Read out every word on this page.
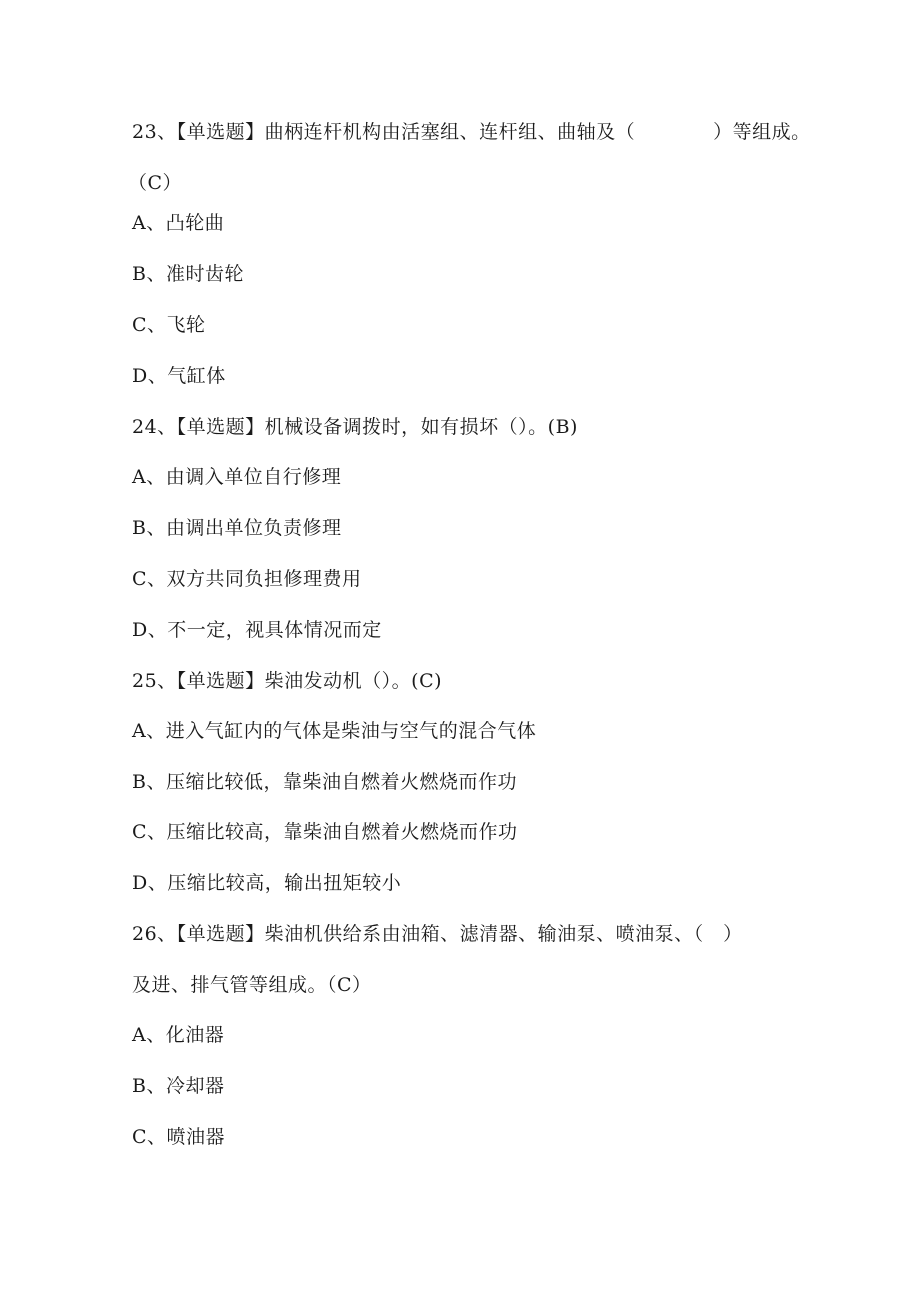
23、【单选题】曲柄连杆机构由活塞组、连杆组、曲轴及（　　　　）等组成。
（C）
A、凸轮曲
B、准时齿轮
C、飞轮
D、气缸体
24、【单选题】机械设备调拨时，如有损坏（）。(B)
A、由调入单位自行修理
B、由调出单位负责修理
C、双方共同负担修理费用
D、不一定，视具体情况而定
25、【单选题】柴油发动机（）。(C)
A、进入气缸内的气体是柴油与空气的混合气体
B、压缩比较低，靠柴油自燃着火燃烧而作功
C、压缩比较高，靠柴油自燃着火燃烧而作功
D、压缩比较高，输出扭矩较小
26、【单选题】柴油机供给系由油箱、滤清器、输油泵、喷油泵、（　）
及进、排气管等组成。（C）
A、化油器
B、冷却器
C、喷油器
